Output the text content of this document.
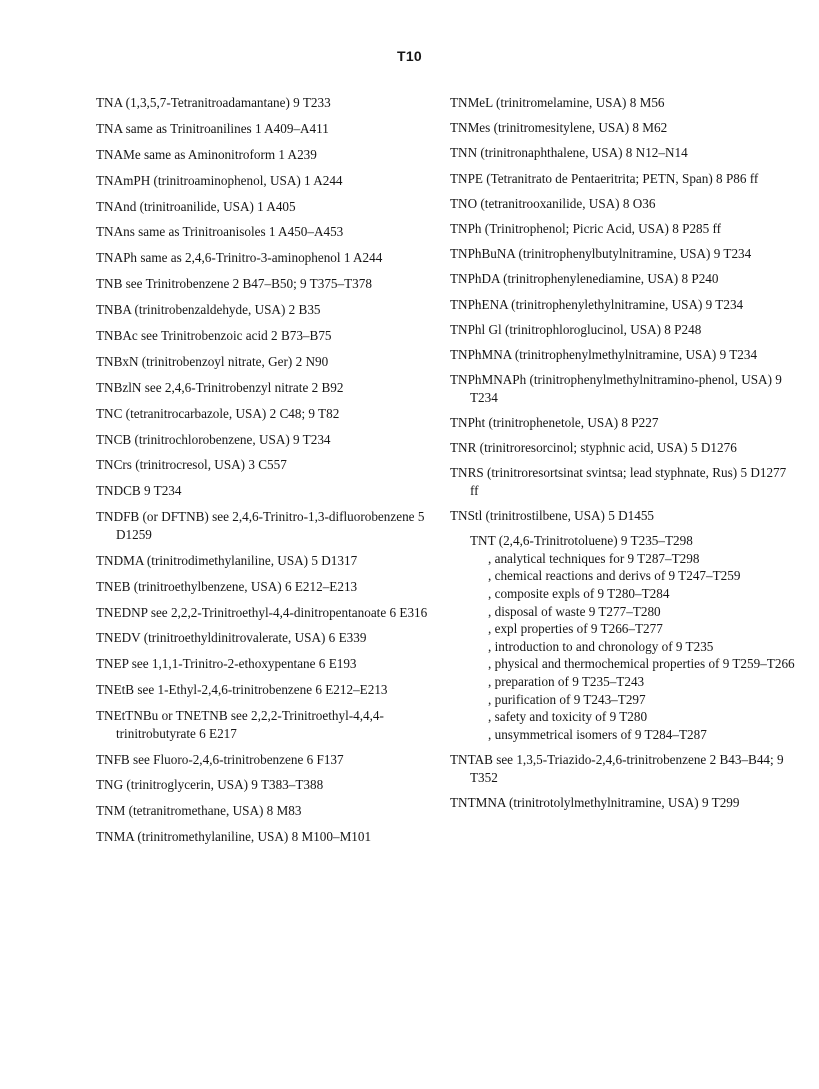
T10
TNA (1,3,5,7-Tetranitroadamantane) 9 T233
TNA same as Trinitroanilines 1 A409–A411
TNAMe same as Aminonitroform 1 A239
TNAmPH (trinitroaminophenol, USA) 1 A244
TNAnd (trinitroanilide, USA) 1 A405
TNAns same as Trinitroanisoles 1 A450–A453
TNAPh same as 2,4,6-Trinitro-3-aminophenol 1 A244
TNB see Trinitrobenzene 2 B47–B50; 9 T375–T378
TNBA (trinitrobenzaldehyde, USA) 2 B35
TNBAc see Trinitrobenzoic acid 2 B73–B75
TNBxN (trinitrobenzoyl nitrate, Ger) 2 N90
TNBzlN see 2,4,6-Trinitrobenzyl nitrate 2 B92
TNC (tetranitrocarbazole, USA) 2 C48; 9 T82
TNCB (trinitrochlorobenzene, USA) 9 T234
TNCrs (trinitrocresol, USA) 3 C557
TNDCB 9 T234
TNDFB (or DFTNB) see 2,4,6-Trinitro-1,3-difluorobenzene 5 D1259
TNDMA (trinitrodimethylaniline, USA) 5 D1317
TNEB (trinitroethylbenzene, USA) 6 E212–E213
TNEDNP see 2,2,2-Trinitroethyl-4,4-dinitropentanoate 6 E316
TNEDV (trinitroethyldinitrovalerate, USA) 6 E339
TNEP see 1,1,1-Trinitro-2-ethoxypentane 6 E193
TNEtB see 1-Ethyl-2,4,6-trinitrobenzene 6 E212–E213
TNEtTNBu or TNETNB see 2,2,2-Trinitroethyl-4,4,4-trinitrobutyrate 6 E217
TNFB see Fluoro-2,4,6-trinitrobenzene 6 F137
TNG (trinitroglycerin, USA) 9 T383–T388
TNM (tetranitromethane, USA) 8 M83
TNMA (trinitromethylaniline, USA) 8 M100–M101
TNMeL (trinitromelamine, USA) 8 M56
TNMes (trinitromesitylene, USA) 8 M62
TNN (trinitronaphthalene, USA) 8 N12–N14
TNPE (Tetranitrato de Pentaeritrita; PETN, Span) 8 P86 ff
TNO (tetranitrooxanilide, USA) 8 O36
TNPh (Trinitrophenol; Picric Acid, USA) 8 P285 ff
TNPhBuNA (trinitrophenylbutylnitramine, USA) 9 T234
TNPhDA (trinitrophenylenediamine, USA) 8 P240
TNPhENA (trinitrophenylethylnitramine, USA) 9 T234
TNPhl Gl (trinitrophloroglucinol, USA) 8 P248
TNPhMNA (trinitrophenylmethylnitramine, USA) 9 T234
TNPhMNAPh (trinitrophenylmethylnitramino-phenol, USA) 9 T234
TNPht (trinitrophenetole, USA) 8 P227
TNR (trinitroresorcinol; styphnic acid, USA) 5 D1276
TNRS (trinitroresortsinat svintsa; lead styphnate, Rus) 5 D1277 ff
TNStl (trinitrostilbene, USA) 5 D1455
TNT (2,4,6-Trinitrotoluene) 9 T235–T298
, analytical techniques for 9 T287–T298
, chemical reactions and derivs of 9 T247–T259
, composite expls of 9 T280–T284
, disposal of waste 9 T277–T280
, expl properties of 9 T266–T277
, introduction to and chronology of 9 T235
, physical and thermochemical properties of 9 T259–T266
, preparation of 9 T235–T243
, purification of 9 T243–T297
, safety and toxicity of 9 T280
, unsymmetrical isomers of 9 T284–T287
TNTAB see 1,3,5-Triazido-2,4,6-trinitrobenzene 2 B43–B44; 9 T352
TNTMNA (trinitrotolylmethylnitramine, USA) 9 T299
